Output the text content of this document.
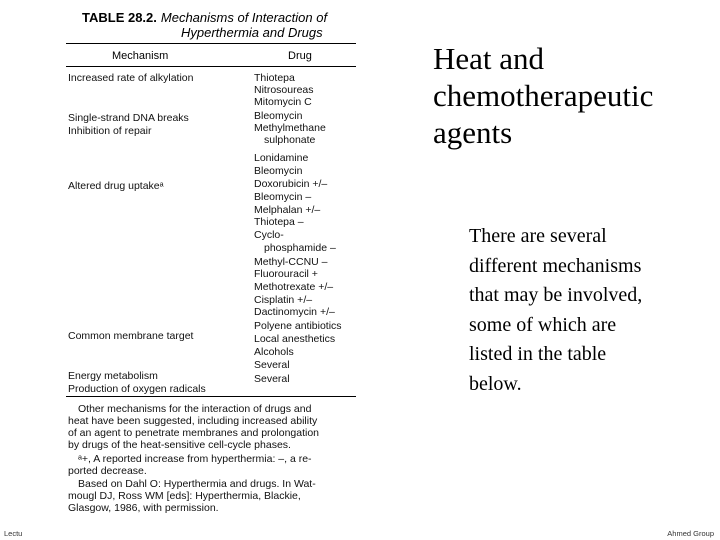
TABLE 28.2. Mechanisms of Interaction of
Hyperthermia and Drugs
Mechanism	Drug
Increased rate of alkylation
Single-strand DNA breaks
Inhibition of repair
Altered drug uptakeᵃ
Common membrane target
Energy metabolism
Production of oxygen radicals
Thiotepa
Nitrosoureas
Mitomycin C
Bleomycin
Methylmethane
sulphonate
Lonidamine
Bleomycin
Doxorubicin +/–
Bleomycin –
Melphalan +/–
Thiotepa –
Cyclo-
phosphamide –
Methyl-CCNU –
Fluorouracil +
Methotrexate +/–
Cisplatin +/–
Dactinomycin +/–
Polyene antibiotics
Local anesthetics
Alcohols
Several
Several
Other mechanisms for the interaction of drugs and
heat have been suggested, including increased ability
of an agent to penetrate membranes and prolongation
by drugs of the heat-sensitive cell-cycle phases.
ᵃ+, A reported increase from hyperthermia: –, a re-
ported decrease.
Based on Dahl O: Hyperthermia and drugs. In Wat-
mougl DJ, Ross WM [eds]: Hyperthermia, Blackie,
Glasgow, 1986, with permission.
Heat and
chemotherapeutic
agents
There are several
different mechanisms
that may be involved,
some of which are
listed in the table
below.
Lectu	Ahmed Group
